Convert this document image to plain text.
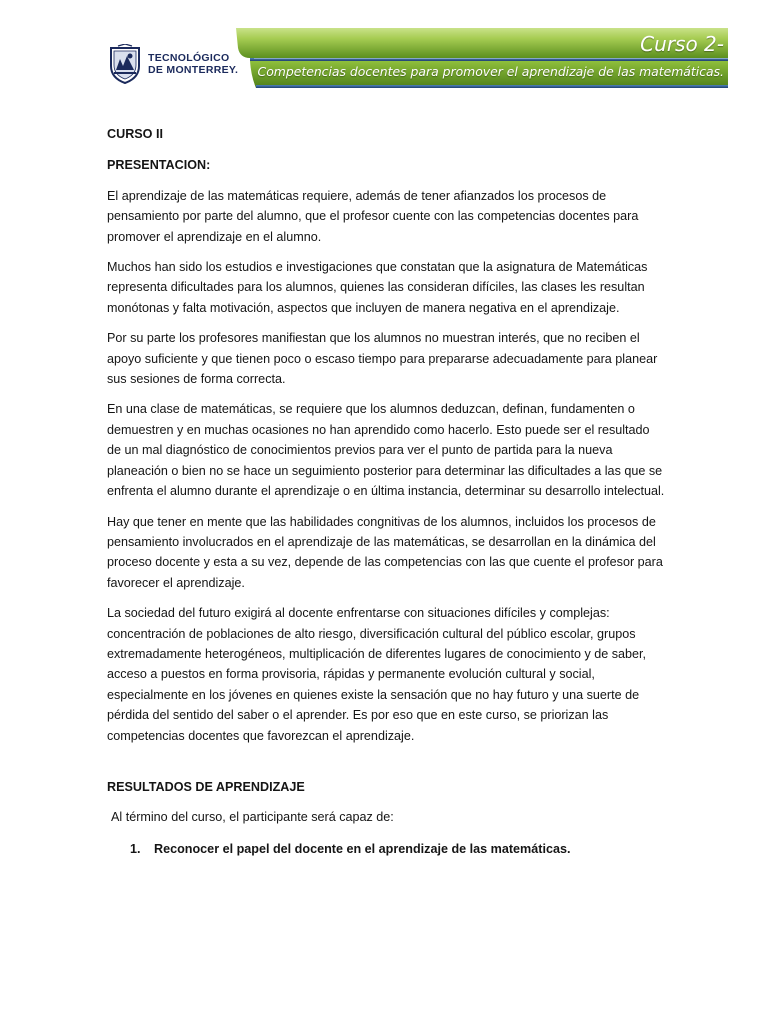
TECNOLÓGICO
DE MONTERREY.
Curso 2-
Competencias docentes para promover el aprendizaje de las matemáticas.

CURSO II

PRESENTACION:

El aprendizaje de las matemáticas requiere, además de tener afianzados los procesos de pensamiento por parte del alumno, que el profesor cuente con las competencias docentes para promover el aprendizaje en el alumno.

Muchos han sido los estudios e investigaciones que constatan que la asignatura de Matemáticas representa dificultades para los alumnos, quienes las consideran difíciles, las clases les resultan monótonas y falta motivación, aspectos que incluyen de manera negativa en el aprendizaje.

Por su parte los profesores manifiestan que los alumnos no muestran interés, que no reciben el apoyo suficiente y que tienen poco o escaso tiempo para prepararse adecuadamente para planear sus sesiones de forma correcta.

En una clase de matemáticas, se requiere que los alumnos deduzcan, definan, fundamenten o demuestren y en muchas ocasiones no han aprendido como hacerlo. Esto puede ser el resultado de un mal diagnóstico de conocimientos previos para ver el punto de partida para la nueva planeación o bien no se hace un seguimiento posterior para determinar las dificultades a las que se enfrenta el alumno durante el aprendizaje o en última instancia, determinar su desarrollo intelectual.

Hay que tener en mente que las habilidades congnitivas de los alumnos, incluidos los procesos de pensamiento involucrados en el aprendizaje de las matemáticas, se desarrollan en la dinámica del proceso docente y esta a su vez, depende de las competencias con las que cuente el profesor para favorecer el aprendizaje.

La sociedad del futuro exigirá al docente enfrentarse con situaciones difíciles y complejas: concentración de poblaciones de alto riesgo, diversificación cultural del público escolar, grupos extremadamente heterogéneos, multiplicación de diferentes lugares de conocimiento y de saber, acceso a puestos en forma provisoria, rápidas y permanente evolución cultural y social, especialmente en los jóvenes en quienes existe la sensación que no hay futuro y una suerte de pérdida del sentido del saber o el aprender. Es por eso que en este curso, se priorizan las competencias docentes que favorezcan el aprendizaje.

RESULTADOS DE APRENDIZAJE

Al término del curso, el participante será capaz de:

1.	Reconocer el papel del docente en el aprendizaje de las matemáticas.
